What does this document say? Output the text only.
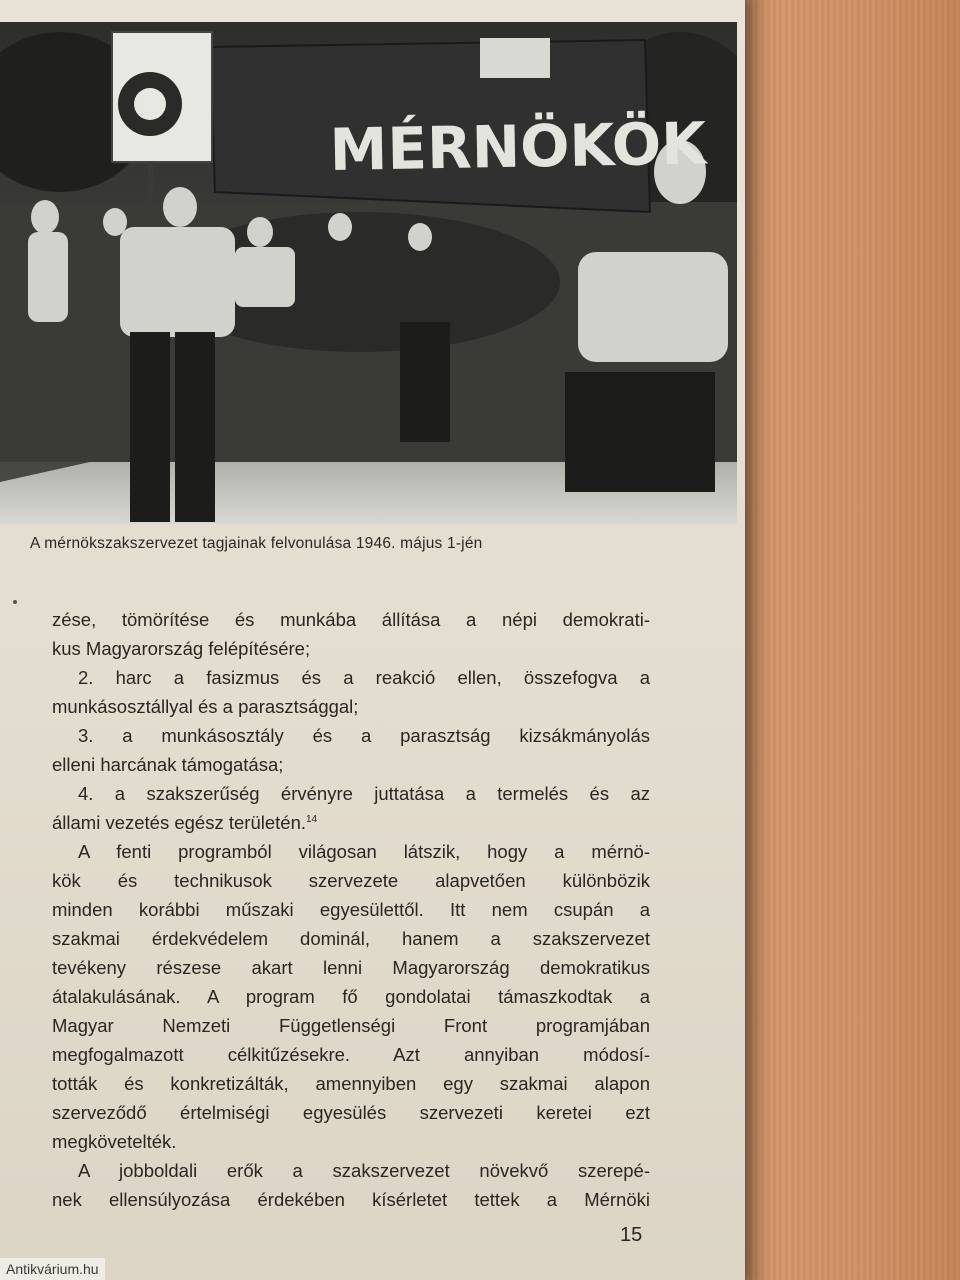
MÉRNÖKÖK
A mérnökszakszervezet tagjainak felvonulása 1946. május 1-jén

zése, tömörítése és munkába állítása a népi demokrati-

kus Magyarország felépítésére;

2. harc a fasizmus és a reakció ellen, összefogva a

munkásosztállyal és a parasztsággal;

3. a munkásosztály és a parasztság kizsákmányolás

elleni harcának támogatása;

4. a szakszerűség érvényre juttatása a termelés és az

állami vezetés egész területén.$^{14}$

A fenti programból világosan látszik, hogy a mérnö-

kök és technikusok szervezete alapvetően különbözik

minden korábbi műszaki egyesülettől. Itt nem csupán a

szakmai érdekvédelem dominál, hanem a szakszervezet

tevékeny részese akart lenni Magyarország demokratikus

átalakulásának. A program fő gondolatai támaszkodtak a

Magyar Nemzeti Függetlenségi Front programjában

megfogalmazott célkitűzésekre. Azt annyiban módosí-

tották és konkretizálták, amennyiben egy szakmai alapon

szerveződő értelmiségi egyesülés szervezeti keretei ezt

megkövetelték.

A jobboldali erők a szakszervezet növekvő szerepé-

nek ellensúlyozása érdekében kísérletet tettek a Mérnöki

15
Antikvárium.hu
